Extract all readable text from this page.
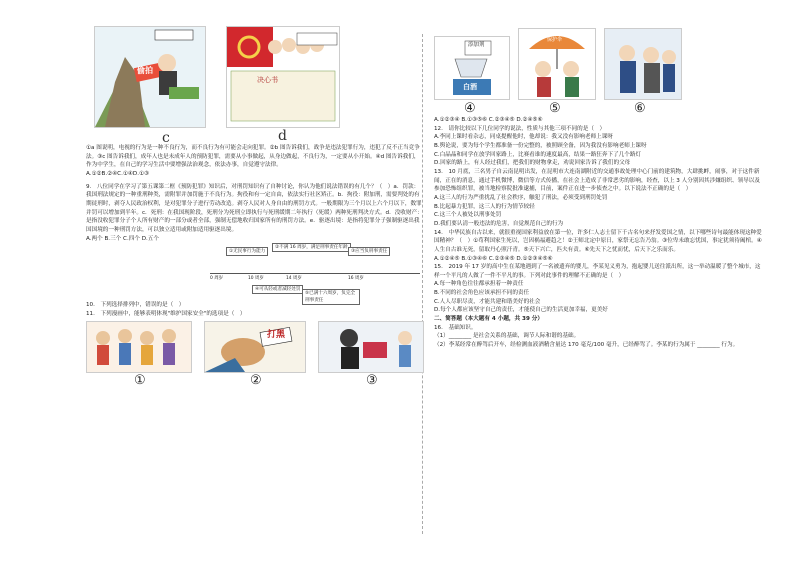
偷拍
决心书
c	d

①a 图说明，电视的行为是一种不良行为，而不良行为有可能会走向犯罪。②b 图告诉我们，战争是违法犯罪行为，违犯了反不正当竞争法。③c 图告诉我们，成年人也是未成年人的预防犯罪，需要从小事做起，从身边做起，不良行为，一定要从小开始。④d 图告诉我们，作为中学生，在自己的学习生活中要增强法治观念，依法办事，自觉遵守法律。

A.①②B.②④C.①④D.①③

9.　八位同学在学习了第五课第二框《预防犯罪》知识后，对刑罚知识有了自种讨论，你认为他们说法错误的有几个？（　）a．罚款：我国刑法规定的一种重刑种类，需附罪并加罚施于不良行为。拘役和有一定自由，依法实行社区矫正。b．拘役：附加刑，需要判处的有期徒刑时，剥夺人民政治权利，是对犯罪分子进行劳动改造。剥夺人民对人身自由的刑罚方式。一般期限为三个月以上六个月以下，数罪并罚可以增加到半年。c．死刑：在我国现阶段，死刑分为死刑立即执行与死刑缓期二年执行（死缓）两种死刑判决方式。d．没收财产：是指没收犯罪分子个人所有财产的一部分或者全部，强制无偿地收归国家所有的刑罚方法。e．驱逐出境：是指将犯罪分子强制驱逐出我国国境的一种刑罚方法，可以独立适用或附加适用驱逐出境。

A.两个 B.三个 C.四个 D.五个

①无民事行为能力
②不满 16 周岁，满足刑事责任年龄
③应当负刑事责任
0 周岁	10 周岁	14 周岁	16 周岁
④可从轻或者减轻处罚
⑤已满十六周岁，负完全刑事责任

10.　下列选择排列中，错误的是（　）

11.　下列漫画中，能够表明体现"维护国家安全"的选项是（　）

打黑
①	②	③
添加剂
白酒
保护伞
④	⑤	⑥

A.①②③④ B.①③⑤⑥ C.②③④⑤ D.②④⑤⑥

12.　请你比较以下几位同学的说法，性质与其他三项不同的是（　）

A.李同上课时看杂志，同桌提醒他时，他却说：我又没有影响老师上课呀

B.舆论说，要为每个学生都准备一份完整的，被照顾全备，因为我没有影响老师上课呀

C.白晶晶和同学在放学回家路上，比赛看谁的速度最高，结果一路狂奔下了几个路灯

D.回家的路上，有人经过我们，把我们的财物拿走，劝说回家告诉了我们的父母

13.　10 月底，三名男子自云南昆明出发，在昆明市大连南湖附近的交通事故处理中心门前的建筑物，大肆挑衅，闹事，对于这件新闻，正在的消息，通过手机微博，微信等方式传播，在社会上造成了非常恶劣的影响，经查，以上 3 人分别因其涉嫌组织、领导以及参加恐怖组织罪，被当地检察院批准逮捕，目前，案件正在进一步侦查之中。以下说法不正确的是（　）

A.这三人的行为严重扰乱了社会秩序，触犯了刑法，必须受到刑罚处罚

B.比起暴力犯罪，这三人的行为情节较轻

C.这三个人被处以刑事处罚

D.我们要认清一般违法的危害，自觉规范自己的行为

14.　中华民族自古以来，就很重视国家利益放在第一位，许多仁人志士留下千古名句来抒发爱国之情，以下哪些诗句最能体现这种爱国精神？（　）①苟利国家生死以，岂因祸福避趋之！②王师北定中原日，家祭无忘告乃翁。③位卑未敢忘忧国，事定犹须待阖棺。④人生自古谁无死，留取丹心照汗青。⑤天下兴亡，匹夫有责。⑥先天下之忧而忧，后天下之乐而乐。

A.①②④⑤ B.①③④⑥ C.②③④⑤ D.①②③④⑤⑥

15.　2019 年 17 岁的高中生在某地遇到了一名被遗弃的婴儿，李某见义勇为，抱起婴儿送往派出所，这一举动温暖了整个城市，这样一个平凡的人做了一件不平凡的事。下列对此事件的理解不正确的是（　）

A.每一种角色往往都承担着一种责任

B.不同的社会角色应该承担不同的责任

C.人人尽职尽责，才能共建和谐美好的社会

D.每个人都应该坚守自己的责任，才能使自己的生活更加幸福，更美好

二、简答题（本大题有 4 小题，共 39 分）

16.　基础知识。

（1）________ 是社会关系的基础，调节人际和谐的基础。

（2）李某经常在醉驾后开车，经检测血液酒精含量达 170 毫克/100 毫升，已经醉驾了。李某的行为属于 ________ 行为。
